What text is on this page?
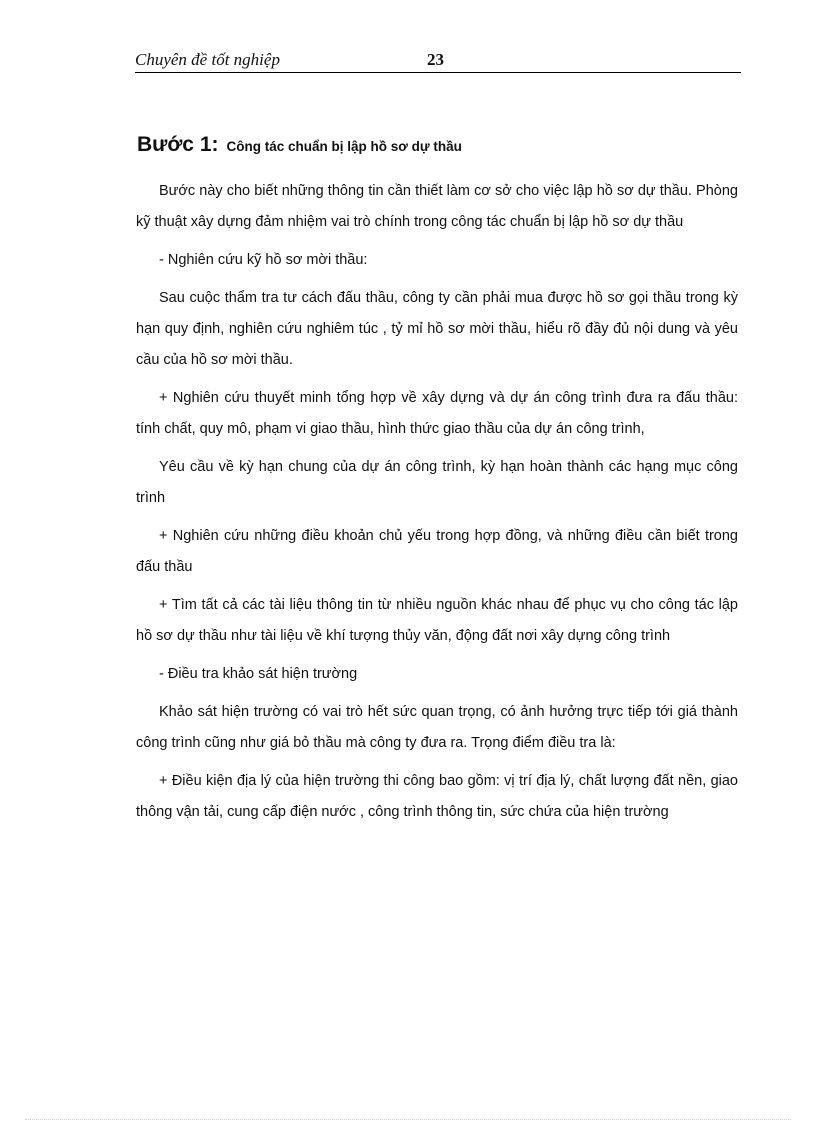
Chuyên đề tốt nghiệp	23
Bước 1: Công tác chuẩn bị lập hồ sơ dự thầu

Bước này cho biết những thông tin cần thiết làm cơ sở cho việc lập hồ sơ dự thầu. Phòng kỹ thuật xây dựng đảm nhiệm vai trò chính trong công tác chuẩn bị lập hồ sơ dự thầu

- Nghiên cứu kỹ hồ sơ mời thầu:

Sau cuộc thẩm tra tư cách đấu thầu, công ty cần phải mua được hồ sơ gọi thầu trong kỳ hạn quy định, nghiên cứu nghiêm túc , tỷ mỉ hồ sơ mời thầu, hiểu rõ đầy đủ nội dung và yêu cầu của hồ sơ mời thầu.

+ Nghiên cứu thuyết minh tổng hợp về xây dựng và dự án công trình đưa ra đấu thầu: tính chất, quy mô, phạm vi giao thầu, hình thức giao thầu của dự án công trình,

Yêu cầu về kỳ hạn chung của dự án công trình, kỳ hạn hoàn thành các hạng mục công trình

+ Nghiên cứu những điều khoản chủ yếu trong hợp đồng, và những điều cần biết trong đấu thầu

+ Tìm tất cả các tài liệu thông tin từ nhiều nguồn khác nhau để phục vụ cho công tác lập hồ sơ dự thầu như tài liệu về khí tượng thủy văn, động đất nơi xây dựng công trình

- Điều tra khảo sát hiện trường

Khảo sát hiện trường có vai trò hết sức quan trọng, có ảnh hưởng trực tiếp tới giá thành công trình cũng như giá bỏ thầu mà công ty đưa ra. Trọng điểm điều tra là:

+ Điều kiện địa lý của hiện trường thi công bao gồm: vị trí địa lý, chất lượng đất nền, giao thông vận tải, cung cấp điện nước , công trình thông tin, sức chứa của hiện trường
